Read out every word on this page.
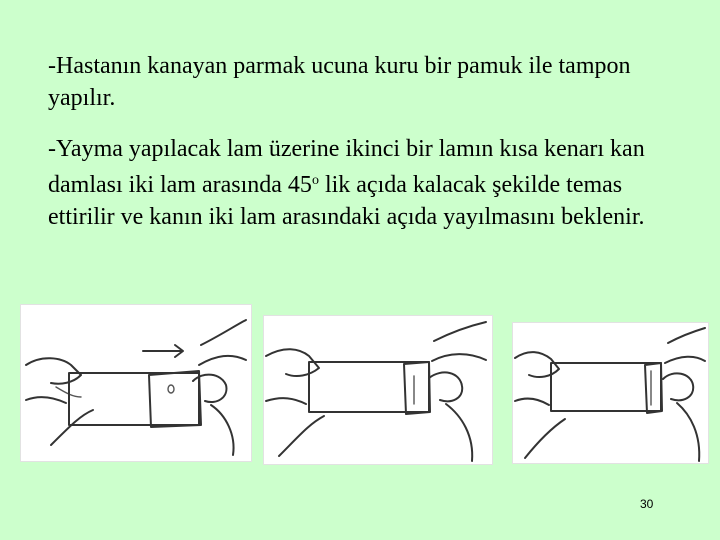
-Hastanın kanayan parmak ucuna kuru bir pamuk ile tampon yapılır.

-Yayma yapılacak lam üzerine ikinci bir lamın kısa kenarı kan damlası iki lam arasında 45$^o$ lik açıda kalacak şekilde temas ettirilir ve kanın iki lam arasındaki açıda yayılmasını beklenir.

30
